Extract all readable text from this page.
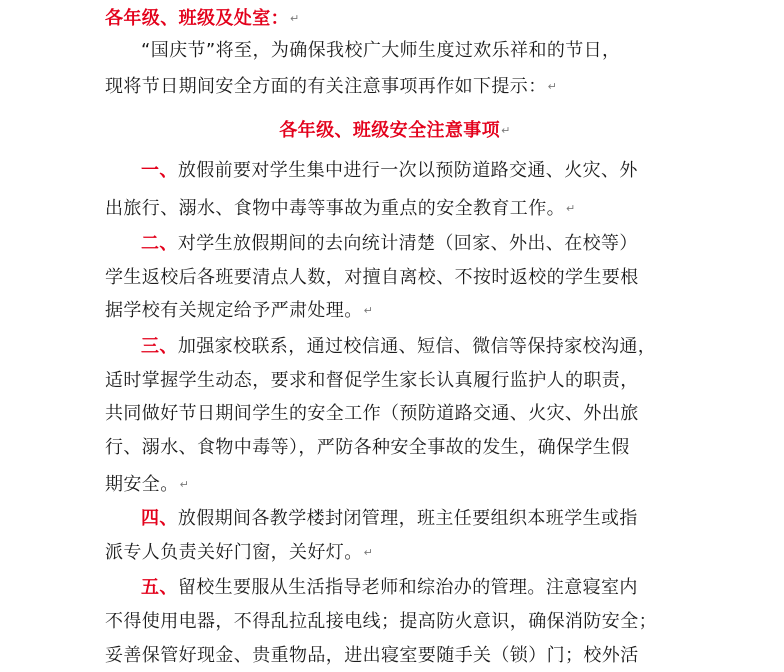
各年级、班级及处室：↵
“国庆节”将至，为确保我校广大师生度过欢乐祥和的节日，
现将节日期间安全方面的有关注意事项再作如下提示：↵
各年级、班级安全注意事项↵
一、放假前要对学生集中进行一次以预防道路交通、火灾、外
出旅行、溺水、食物中毒等事故为重点的安全教育工作。↵
二、对学生放假期间的去向统计清楚（回家、外出、在校等）
学生返校后各班要清点人数，对擅自离校、不按时返校的学生要根
据学校有关规定给予严肃处理。↵
三、加强家校联系，通过校信通、短信、微信等保持家校沟通，
适时掌握学生动态，要求和督促学生家长认真履行监护人的职责，
共同做好节日期间学生的安全工作（预防道路交通、火灾、外出旅
行、溺水、食物中毒等），严防各种安全事故的发生，确保学生假
期安全。↵
四、放假期间各教学楼封闭管理，班主任要组织本班学生或指
派专人负责关好门窗，关好灯。↵
五、留校生要服从生活指导老师和综治办的管理。注意寝室内
不得使用电器，不得乱拉乱接电线；提高防火意识，确保消防安全；
妥善保管好现金、贵重物品，进出寝室要随手关（锁）门；校外活
